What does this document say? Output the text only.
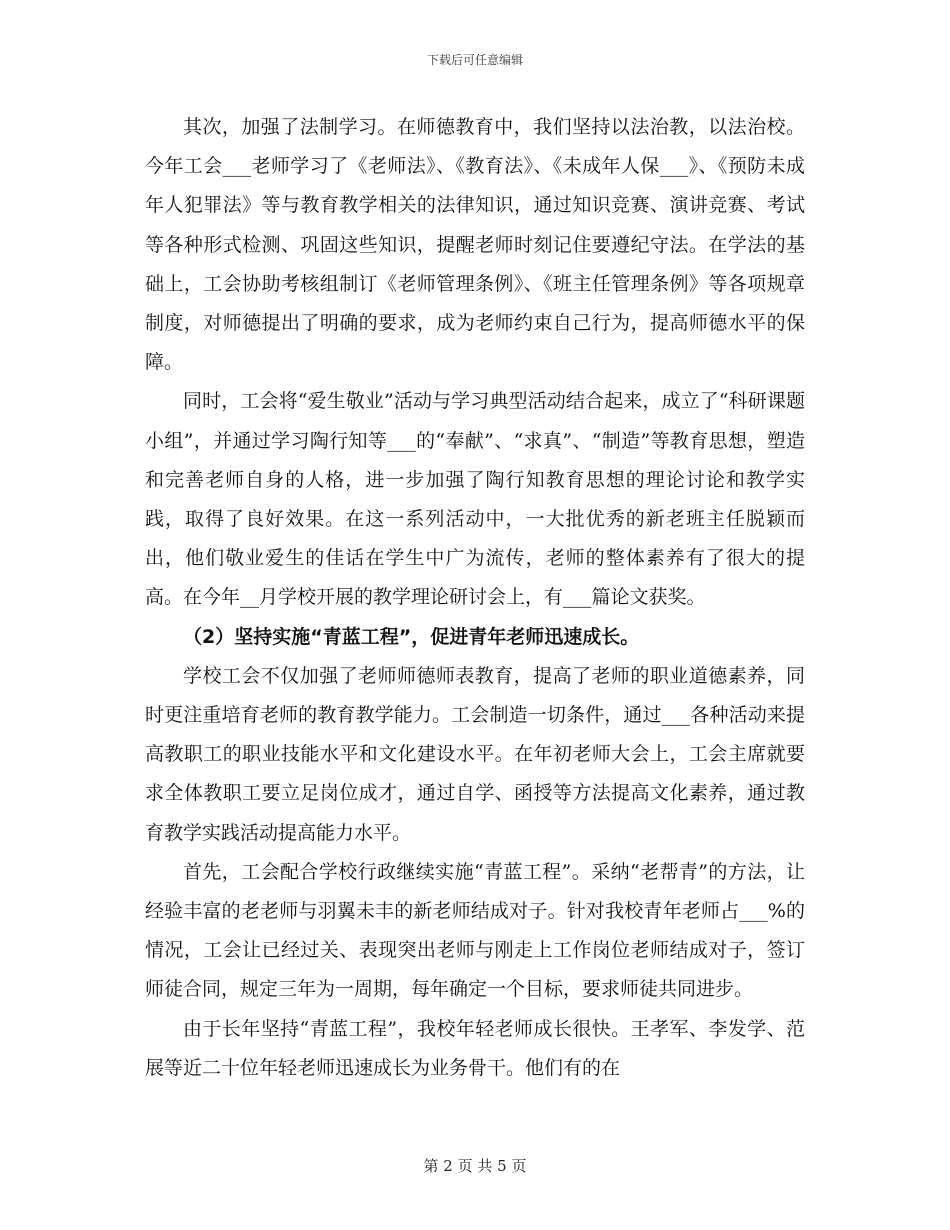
下载后可任意编辑

其次，加强了法制学习。在师德教育中，我们坚持以法治教，以法治校。今年工会___老师学习了《老师法》、《教育法》、《未成年人保___》、《预防未成年人犯罪法》等与教育教学相关的法律知识，通过知识竞赛、演讲竞赛、考试等各种形式检测、巩固这些知识，提醒老师时刻记住要遵纪守法。在学法的基础上，工会协助考核组制订《老师管理条例》、《班主任管理条例》等各项规章制度，对师德提出了明确的要求，成为老师约束自己行为，提高师德水平的保障。

同时，工会将“爱生敬业”活动与学习典型活动结合起来，成立了“科研课题小组”，并通过学习陶行知等___的“奉献”、“求真”、“制造”等教育思想，塑造和完善老师自身的人格，进一步加强了陶行知教育思想的理论讨论和教学实践，取得了良好效果。在这一系列活动中，一大批优秀的新老班主任脱颖而出，他们敬业爱生的佳话在学生中广为流传，老师的整体素养有了很大的提高。在今年__月学校开展的教学理论研讨会上，有___篇论文获奖。

（2）坚持实施“青蓝工程”，促进青年老师迅速成长。

学校工会不仅加强了老师师德师表教育，提高了老师的职业道德素养，同时更注重培育老师的教育教学能力。工会制造一切条件，通过___各种活动来提高教职工的职业技能水平和文化建设水平。在年初老师大会上，工会主席就要求全体教职工要立足岗位成才，通过自学、函授等方法提高文化素养，通过教育教学实践活动提高能力水平。

首先，工会配合学校行政继续实施“青蓝工程”。采纳“老帮青”的方法，让经验丰富的老老师与羽翼未丰的新老师结成对子。针对我校青年老师占___%的情况，工会让已经过关、表现突出老师与刚走上工作岗位老师结成对子，签订师徒合同，规定三年为一周期，每年确定一个目标，要求师徒共同进步。

由于长年坚持“青蓝工程”，我校年轻老师成长很快。王孝军、李发学、范展等近二十位年轻老师迅速成长为业务骨干。他们有的在

第 2 页 共 5 页
